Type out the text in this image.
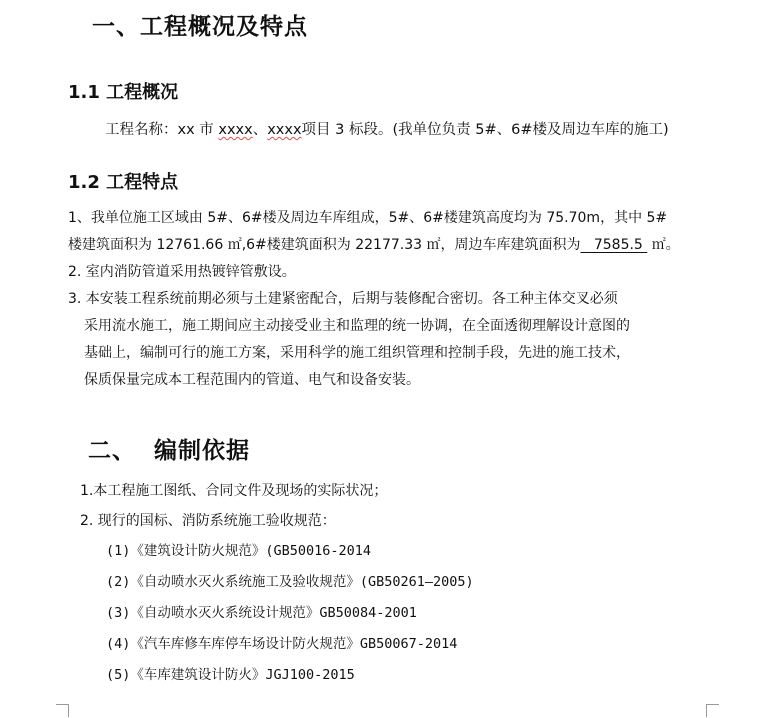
一、工程概况及特点
1.1 工程概况
工程名称：xx 市 xxxx、xxxx项目 3 标段。(我单位负责 5#、6#楼及周边车库的施工)
1.2 工程特点
1、我单位施工区域由 5#、6#楼及周边车库组成，5#、6#楼建筑高度均为 75.70m，其中 5#
楼建筑面积为 12761.66 ㎡,6#楼建筑面积为 22177.33 ㎡，周边车库建筑面积为   7585.5  ㎡。
2. 室内消防管道采用热镀锌管敷设。
3. 本安装工程系统前期必须与土建紧密配合，后期与装修配合密切。各工种主体交叉必须
采用流水施工，施工期间应主动接受业主和监理的统一协调，在全面透彻理解设计意图的
基础上，编制可行的施工方案，采用科学的施工组织管理和控制手段，先进的施工技术，
保质保量完成本工程范围内的管道、电气和设备安装。
二、  编制依据
1.本工程施工图纸、合同文件及现场的实际状况；
2. 现行的国标、消防系统施工验收规范：
(1)《建筑设计防火规范》(GB50016-2014
(2)《自动喷水灭火系统施工及验收规范》(GB50261—2005)
(3)《自动喷水灭火系统设计规范》GB50084-2001
(4)《汽车库修车库停车场设计防火规范》GB50067-2014
(5)《车库建筑设计防火》JGJ100-2015
